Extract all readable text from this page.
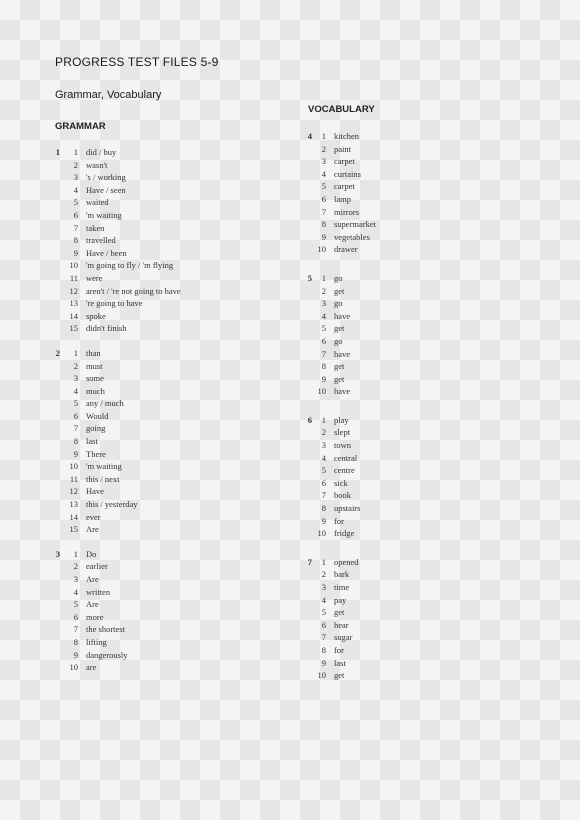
PROGRESS TEST FILES 5-9
Grammar, Vocabulary
GRAMMAR
VOCABULARY
1	1 did / buy
2 wasn't
3 's / working
4 Have / seen
5 waited
6 'm waiting
7 taken
8 travelled
9 Have / been
10 'm going to fly / 'm flying
11 were
12 aren't / 're not going to have
13 're going to have
14 spoke
15 didn't finish
2	1 than
2 must
3 some
4 much
5 any / much
6 Would
7 going
8 last
9 There
10 'm waiting
11 this / next
12 Have
13 this / yesterday
14 ever
15 Are
3	1 Do
2 earlier
3 Are
4 written
5 Are
6 more
7 the shortest
8 lifting
9 dangerously
10 are
4	1 kitchen
2 paint
3 carpet
4 curtains
5 carpet
6 lamp
7 mirrors
8 supermarket
9 vegetables
10 drawer
5	1 go
2 get
3 go
4 have
5 get
6 go
7 have
8 get
9 get
10 have
6	1 play
2 slept
3 town
4 central
5 centre
6 sick
7 book
8 upstairs
9 for
10 fridge
7	1 opened
2 bark
3 time
4 pay
5 get
6 hear
7 sugar
8 for
9 last
10 get
